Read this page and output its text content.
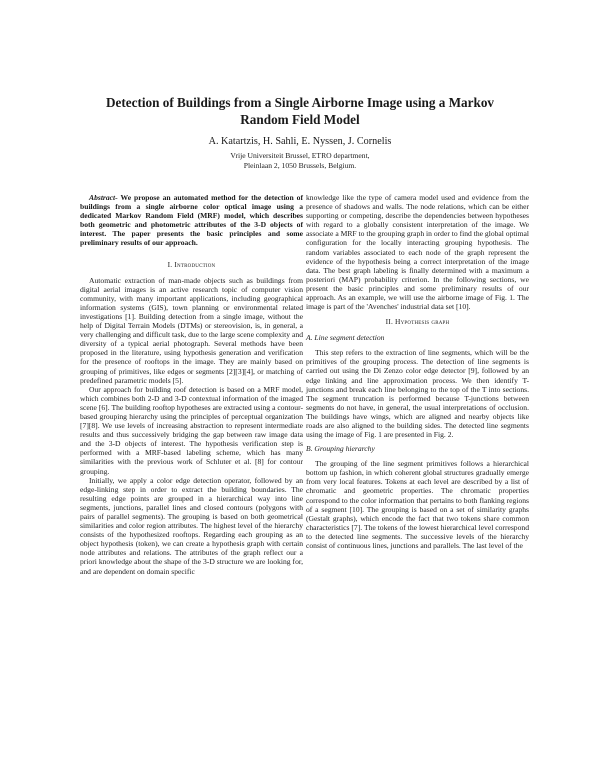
Detection of Buildings from a Single Airborne Image using a Markov Random Field Model
A. Katartzis, H. Sahli, E. Nyssen, J. Cornelis
Vrije Universiteit Brussel, ETRO department,
Pleinlaan 2, 1050 Brussels, Belgium.

Abstract- We propose an automated method for the detection of buildings from a single airborne color optical image using a dedicated Markov Random Field (MRF) model, which describes both geometric and photometric attributes of the 3-D objects of interest. The paper presents the basic principles and some preliminary results of our approach.

I. Introduction

Automatic extraction of man-made objects such as buildings from digital aerial images is an active research topic of computer vision community, with many important applications, including geographical information systems (GIS), town planning or environmental related investigations [1]. Building detection from a single image, without the help of Digital Terrain Models (DTMs) or stereovision, is, in general, a very challenging and difficult task, due to the large scene complexity and diversity of a typical aerial photograph. Several methods have been proposed in the literature, using hypothesis generation and verification for the presence of rooftops in the image. They are mainly based on grouping of primitives, like edges or segments [2][3][4], or matching of predefined parametric models [5].

Our approach for building roof detection is based on a MRF model, which combines both 2-D and 3-D contextual information of the imaged scene [6]. The building rooftop hypotheses are extracted using a contour-based grouping hierarchy using the principles of perceptual organization [7][8]. We use levels of increasing abstraction to represent intermediate results and thus successively bridging the gap between raw image data and the 3-D objects of interest. The hypothesis verification step is performed with a MRF-based labeling scheme, which has many similarities with the previous work of Schluter et al. [8] for contour grouping.

Initially, we apply a color edge detection operator, followed by an edge-linking step in order to extract the building boundaries. The resulting edge points are grouped in a hierarchical way into line segments, junctions, parallel lines and closed contours (polygons with pairs of parallel segments). The grouping is based on both geometrical similarities and color region attributes. The highest level of the hierarchy consists of the hypothesized rooftops. Regarding each grouping as an object hypothesis (token), we can create a hypothesis graph with certain node attributes and relations. The attributes of the graph reflect our a priori knowledge about the shape of the 3-D structure we are looking for, and are dependent on domain specific

knowledge like the type of camera model used and evidence from the presence of shadows and walls. The node relations, which can be either supporting or competing, describe the dependencies between hypotheses with regard to a globally consistent interpretation of the image. We associate a MRF to the grouping graph in order to find the global optimal configuration for the locally interacting grouping hypothesis. The random variables associated to each node of the graph represent the evidence of the hypothesis being a correct interpretation of the image data. The best graph labeling is finally determined with a maximum a posteriori (MAP) probability criterion. In the following sections, we present the basic principles and some preliminary results of our approach. As an example, we will use the airborne image of Fig. 1. The image is part of the 'Avenches' industrial data set [10].

II. Hypothesis graph
A. Line segment detection

This step refers to the extraction of line segments, which will be the primitives of the grouping process. The detection of line segments is carried out using the Di Zenzo color edge detector [9], followed by an edge linking and line approximation process. We then identify T-junctions and break each line belonging to the top of the T into sections. The segment truncation is performed because T-junctions between segments do not have, in general, the usual interpretations of occlusion. The buildings have wings, which are aligned and nearby objects like roads are also aligned to the building sides. The detected line segments using the image of Fig. 1 are presented in Fig. 2.

B. Grouping hierarchy

The grouping of the line segment primitives follows a hierarchical bottom up fashion, in which coherent global structures gradually emerge from very local features. Tokens at each level are described by a list of chromatic and geometric properties. The chromatic properties correspond to the color information that pertains to both flanking regions of a segment [10]. The grouping is based on a set of similarity graphs (Gestalt graphs), which encode the fact that two tokens share common characteristics [7]. The tokens of the lowest hierarchical level correspond to the detected line segments. The successive levels of the hierarchy consist of continuous lines, junctions and parallels. The last level of the
